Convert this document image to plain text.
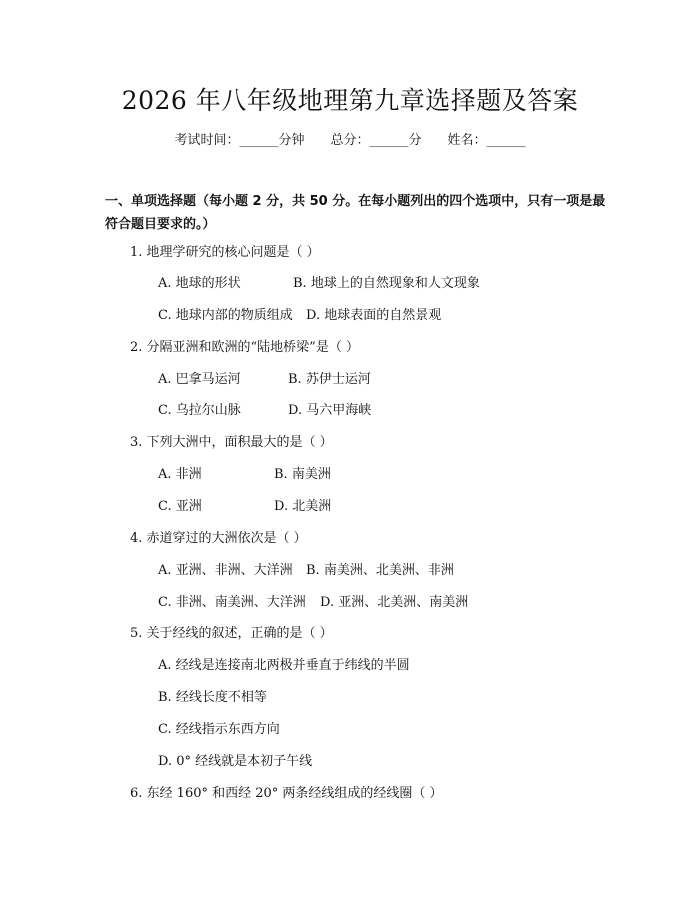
2026 年八年级地理第九章选择题及答案
考试时间：______分钟 总分：______分 姓名：______
一、单项选择题（每小题 2 分，共 50 分。在每小题列出的四个选项中，只有一项是最符合题目要求的。）
1. 地理学研究的核心问题是（ ）
A. 地球的形状	B. 地球上的自然现象和人文现象
C. 地球内部的物质组成 D. 地球表面的自然景观
2. 分隔亚洲和欧洲的“陆地桥梁”是（ ）
A. 巴拿马运河	B. 苏伊士运河
C. 乌拉尔山脉	D. 马六甲海峡
3. 下列大洲中，面积最大的是（ ）
A. 非洲	B. 南美洲
C. 亚洲	D. 北美洲
4. 赤道穿过的大洲依次是（ ）
A. 亚洲、非洲、大洋洲 B. 南美洲、北美洲、非洲
C. 非洲、南美洲、大洋洲 D. 亚洲、北美洲、南美洲
5. 关于经线的叙述，正确的是（ ）
A. 经线是连接南北两极并垂直于纬线的半圆
B. 经线长度不相等
C. 经线指示东西方向
D. 0° 经线就是本初子午线
6. 东经 160° 和西经 20° 两条经线组成的经线圈（ ）
